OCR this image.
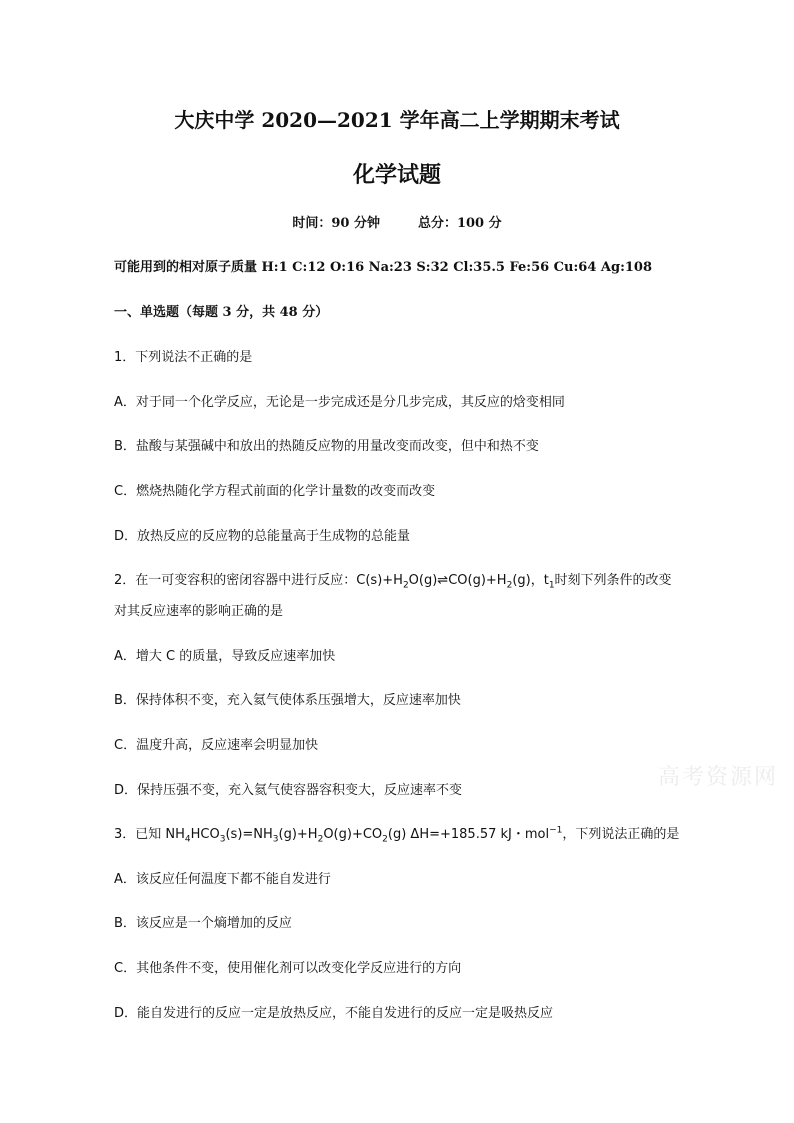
大庆中学 2020—2021 学年高二上学期期末考试
化学试题
时间：90 分钟	总分：100 分
可能用到的相对原子质量 H:1 C:12 O:16 Na:23 S:32 Cl:35.5 Fe:56 Cu:64 Ag:108
一、单选题（每题 3 分，共 48 分）
1．下列说法不正确的是
A．对于同一个化学反应，无论是一步完成还是分几步完成，其反应的焓变相同
B．盐酸与某强碱中和放出的热随反应物的用量改变而改变，但中和热不变
C．燃烧热随化学方程式前面的化学计量数的改变而改变
D．放热反应的反应物的总能量高于生成物的总能量
2．在一可变容积的密闭容器中进行反应：$C(s)+H_2O(g)\rightleftharpoons CO(g)+H_2(g)$，$t_1$时刻下列条件的改变
对其反应速率的影响正确的是
A．增大 C 的质量，导致反应速率加快
B．保持体积不变，充入氦气使体系压强增大，反应速率加快
C．温度升高，反应速率会明显加快
D．保持压强不变，充入氦气使容器容积变大，反应速率不变
3．已知 $NH_4HCO_3(s)=NH_3(g)+H_2O(g)+CO_2(g)$ ΔH=+185.57 kJ・mol$^{-1}$，下列说法正确的是
A．该反应任何温度下都不能自发进行
B．该反应是一个熵增加的反应
C．其他条件不变，使用催化剂可以改变化学反应进行的方向
D．能自发进行的反应一定是放热反应，不能自发进行的反应一定是吸热反应
高考资源网
